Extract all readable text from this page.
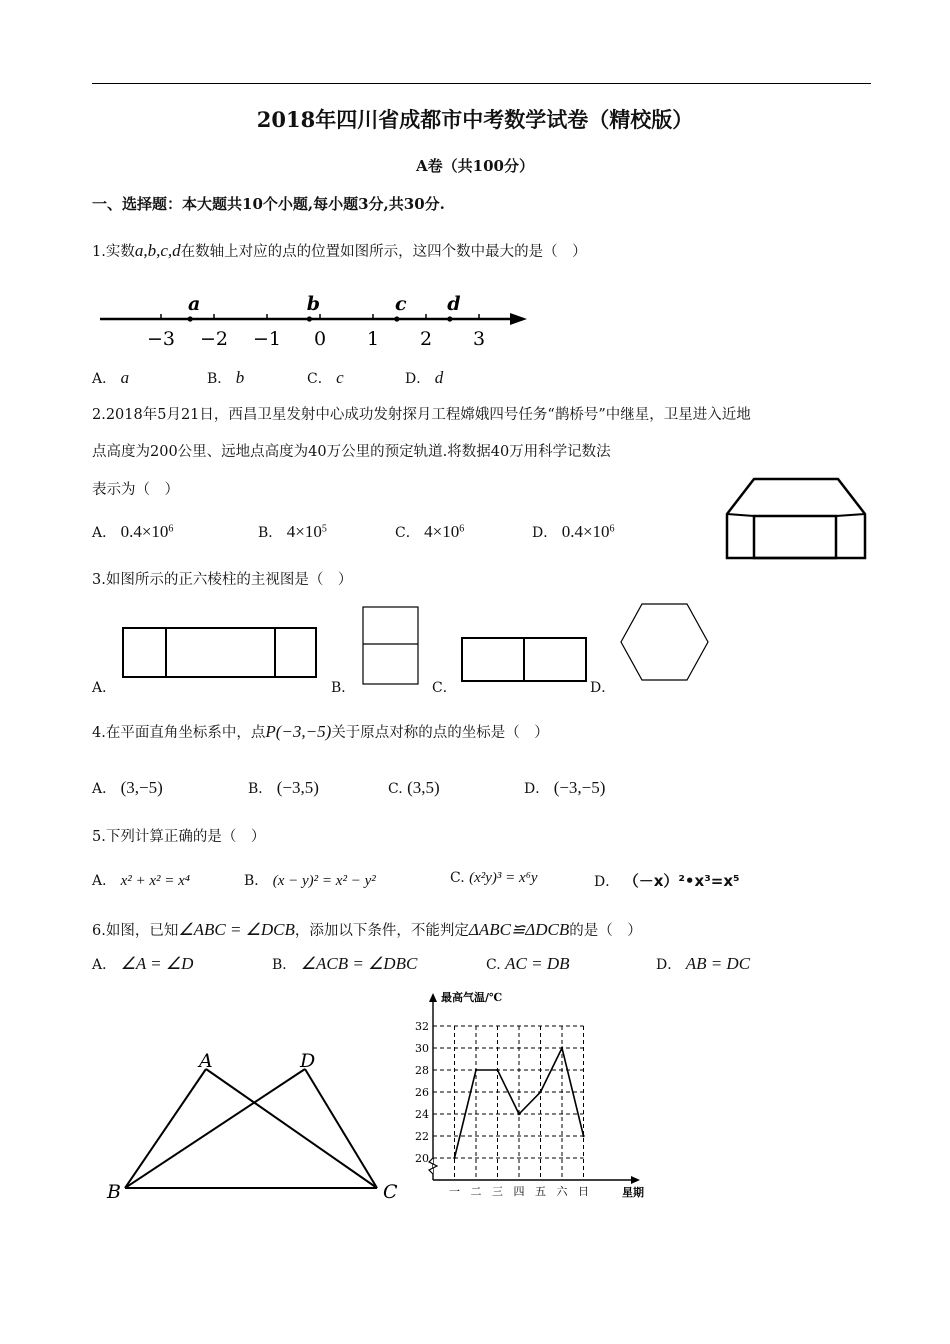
2018年四川省成都市中考数学试卷（精校版）
A卷（共100分）
一、选择题：本大题共10个小题,每小题3分,共30分.
1.实数a,b,c,d在数轴上对应的点的位置如图所示，这四个数中最大的是（　）
−3 −2 −1 0 1 2 3
a	b	c d
A． a	B． b	C． c	D． d
2.2018年5月21日，西昌卫星发射中心成功发射探月工程嫦娥四号任务“鹊桥号”中继星，卫星进入近地
点高度为200公里、远地点高度为40万公里的预定轨道.将数据40万用科学记数法
表示为（　）
A． $0.4\times 10^6$	B． $4\times 10^5$	C． $4\times 10^6$	D． $0.4\times 10^6$
3.如图所示的正六棱柱的主视图是（　）
A．	B．	C．	D．
4.在平面直角坐标系中，点P(−3,−5)关于原点对称的点的坐标是（　）
A． (3,−5)	B． (−3,5)	C. (3,5)	D． (−3,−5)
5.下列计算正确的是（　）
A． x² + x² = x⁴	B． (x − y)² = x² − y²	C. (x²y)³ = x⁶y	D． （－x）²•x³=x⁵
6.如图，已知∠ABC = ∠DCB，添加以下条件，不能判定ΔABC≌ΔDCB的是（　）
A． ∠A = ∠D	B． ∠ACB = ∠DBC	C. AC = DB	D． AB = DC
A	D
B	C
20
22
24
26
28
30
32
一 二 三 四 五 六 日
最高气温/℃
星期
